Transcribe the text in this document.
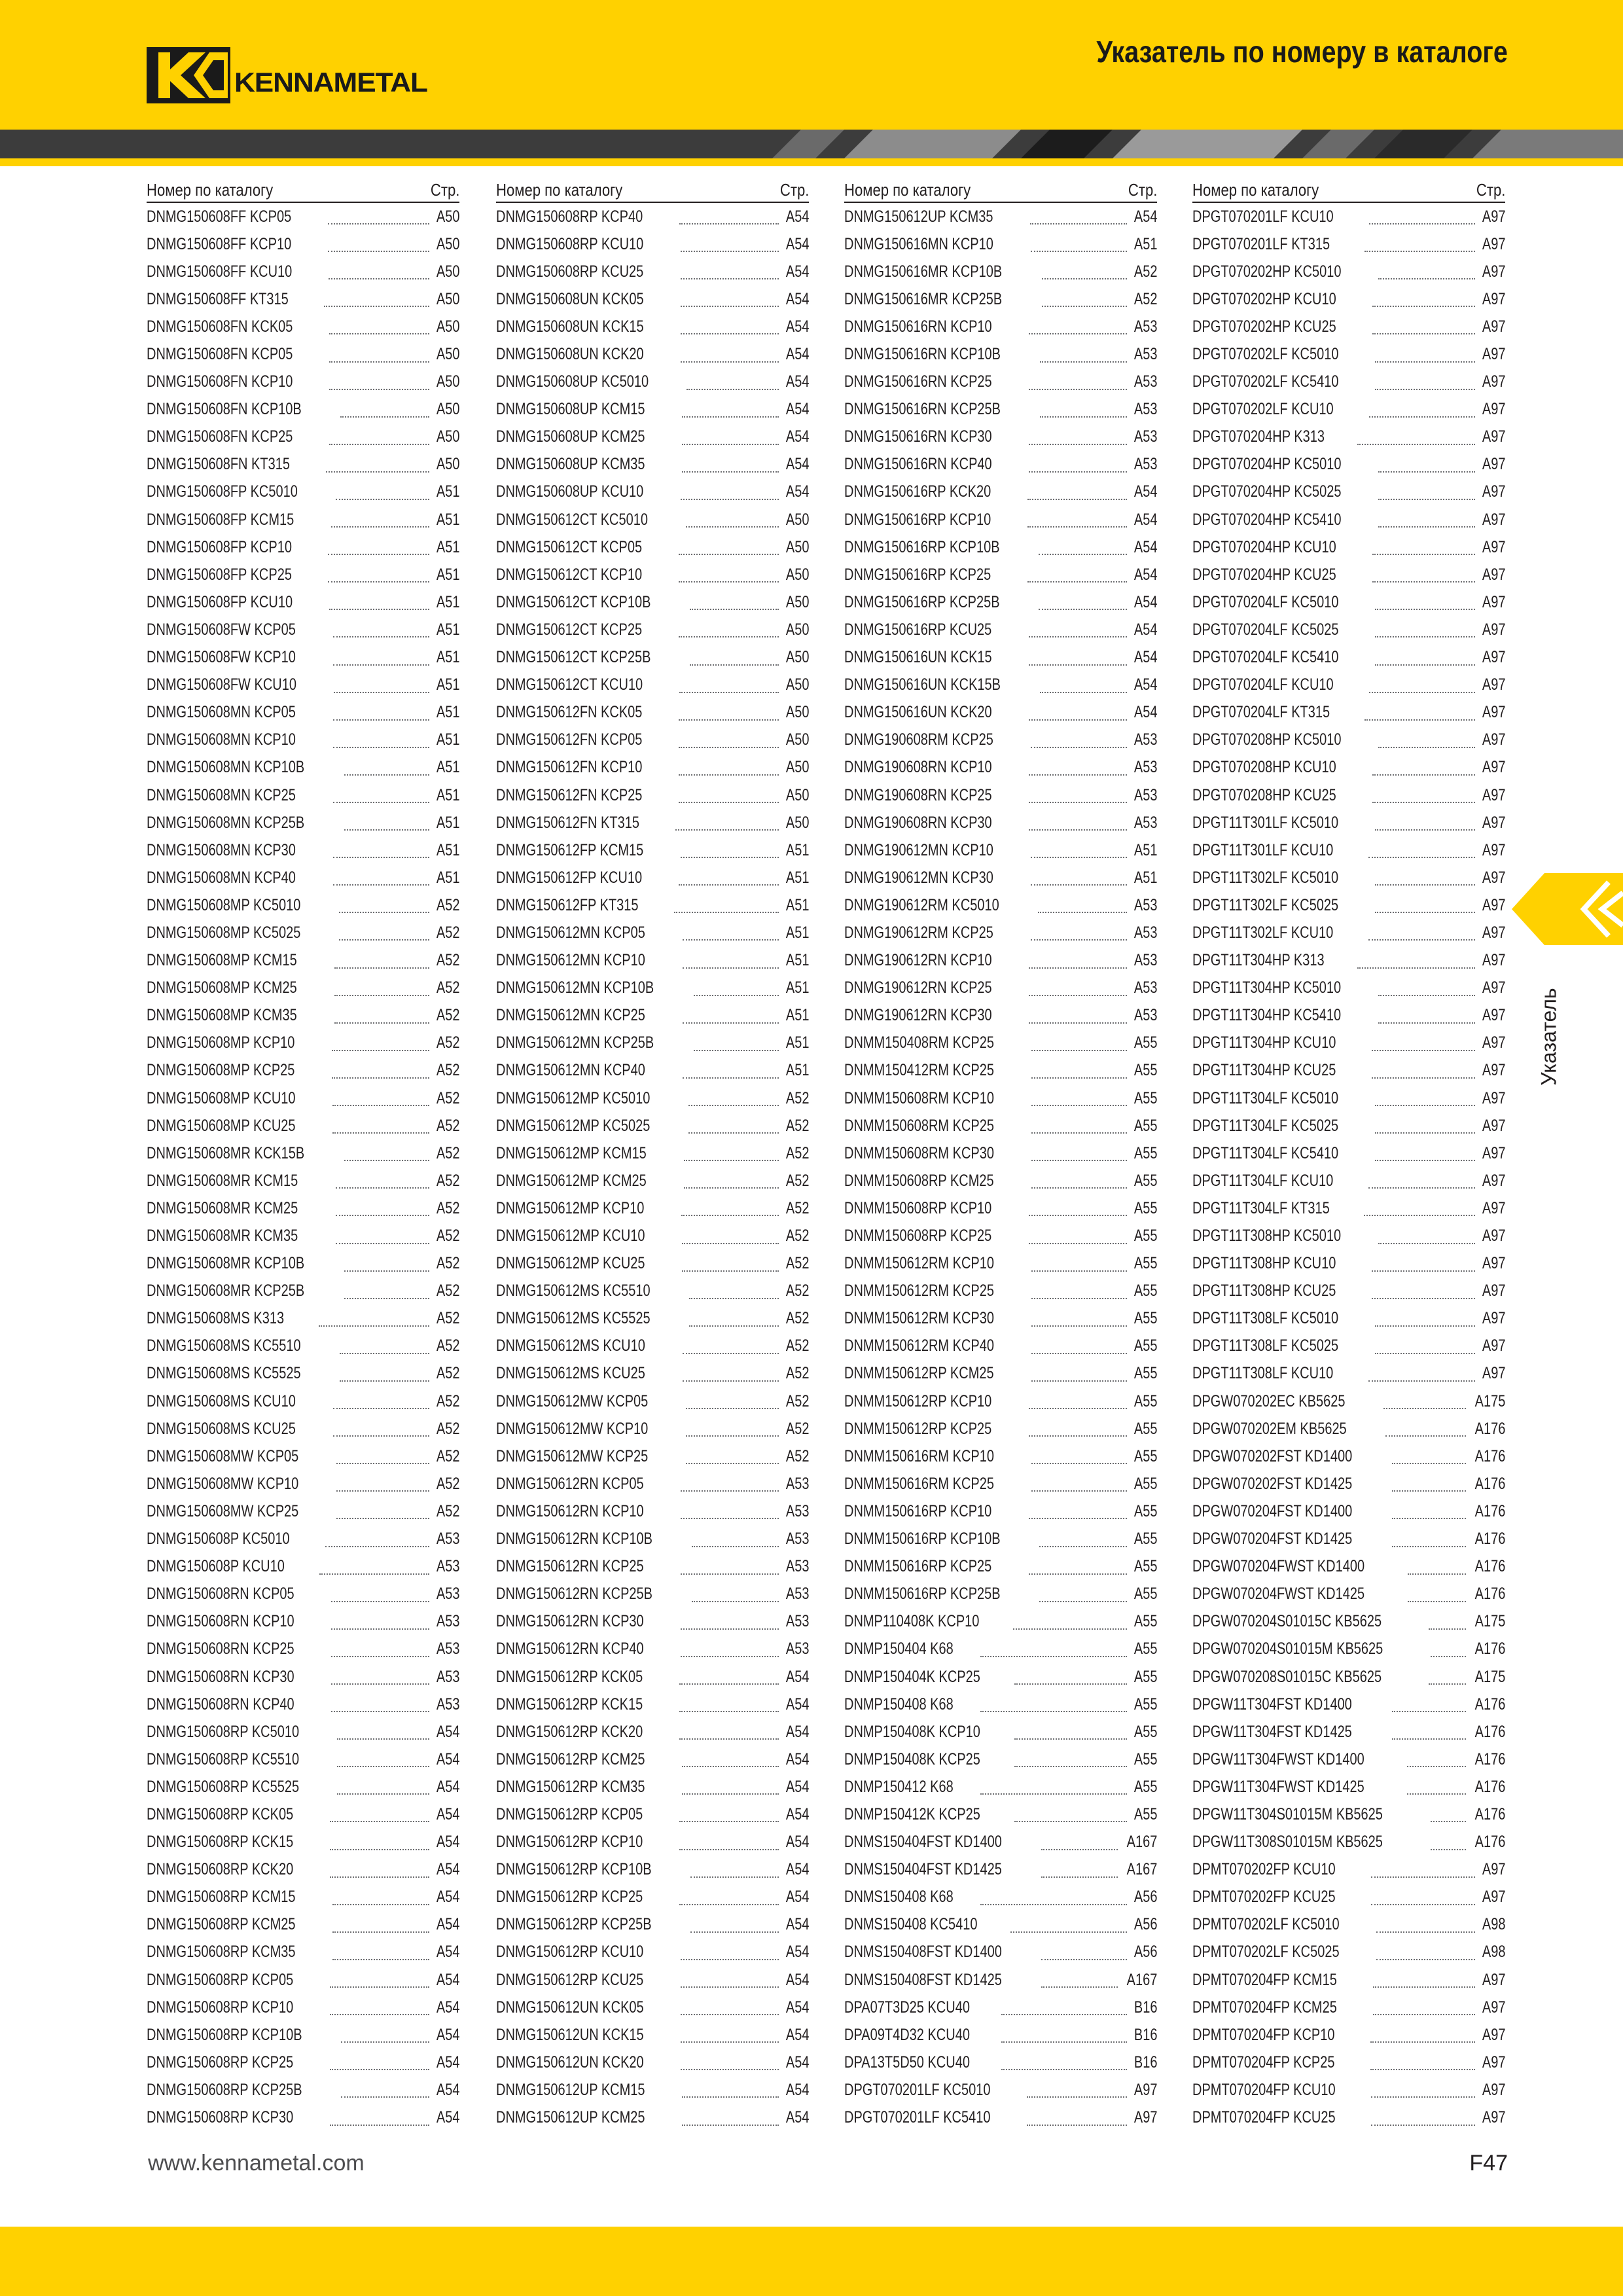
KENNAMETAL
Указатель по номеру в каталоге
Номер по каталогу	Стр.
DNMG150608FF KCP05	A50
DNMG150608FF KCP10	A50
DNMG150608FF KCU10	A50
DNMG150608FF KT315	A50
DNMG150608FN KCK05	A50
DNMG150608FN KCP05	A50
DNMG150608FN KCP10	A50
DNMG150608FN KCP10B	A50
DNMG150608FN KCP25	A50
DNMG150608FN KT315	A50
DNMG150608FP KC5010	A51
DNMG150608FP KCM15	A51
DNMG150608FP KCP10	A51
DNMG150608FP KCP25	A51
DNMG150608FP KCU10	A51
DNMG150608FW KCP05	A51
DNMG150608FW KCP10	A51
DNMG150608FW KCU10	A51
DNMG150608MN KCP05	A51
DNMG150608MN KCP10	A51
DNMG150608MN KCP10B	A51
DNMG150608MN KCP25	A51
DNMG150608MN KCP25B	A51
DNMG150608MN KCP30	A51
DNMG150608MN KCP40	A51
DNMG150608MP KC5010	A52
DNMG150608MP KC5025	A52
DNMG150608MP KCM15	A52
DNMG150608MP KCM25	A52
DNMG150608MP KCM35	A52
DNMG150608MP KCP10	A52
DNMG150608MP KCP25	A52
DNMG150608MP KCU10	A52
DNMG150608MP KCU25	A52
DNMG150608MR KCK15B	A52
DNMG150608MR KCM15	A52
DNMG150608MR KCM25	A52
DNMG150608MR KCM35	A52
DNMG150608MR KCP10B	A52
DNMG150608MR KCP25B	A52
DNMG150608MS K313	A52
DNMG150608MS KC5510	A52
DNMG150608MS KC5525	A52
DNMG150608MS KCU10	A52
DNMG150608MS KCU25	A52
DNMG150608MW KCP05	A52
DNMG150608MW KCP10	A52
DNMG150608MW KCP25	A52
DNMG150608P KC5010	A53
DNMG150608P KCU10	A53
DNMG150608RN KCP05	A53
DNMG150608RN KCP10	A53
DNMG150608RN KCP25	A53
DNMG150608RN KCP30	A53
DNMG150608RN KCP40	A53
DNMG150608RP KC5010	A54
DNMG150608RP KC5510	A54
DNMG150608RP KC5525	A54
DNMG150608RP KCK05	A54
DNMG150608RP KCK15	A54
DNMG150608RP KCK20	A54
DNMG150608RP KCM15	A54
DNMG150608RP KCM25	A54
DNMG150608RP KCM35	A54
DNMG150608RP KCP05	A54
DNMG150608RP KCP10	A54
DNMG150608RP KCP10B	A54
DNMG150608RP KCP25	A54
DNMG150608RP KCP25B	A54
DNMG150608RP KCP30	A54
Номер по каталогу	Стр.
DNMG150608RP KCP40	A54
DNMG150608RP KCU10	A54
DNMG150608RP KCU25	A54
DNMG150608UN KCK05	A54
DNMG150608UN KCK15	A54
DNMG150608UN KCK20	A54
DNMG150608UP KC5010	A54
DNMG150608UP KCM15	A54
DNMG150608UP KCM25	A54
DNMG150608UP KCM35	A54
DNMG150608UP KCU10	A54
DNMG150612CT KC5010	A50
DNMG150612CT KCP05	A50
DNMG150612CT KCP10	A50
DNMG150612CT KCP10B	A50
DNMG150612CT KCP25	A50
DNMG150612CT KCP25B	A50
DNMG150612CT KCU10	A50
DNMG150612FN KCK05	A50
DNMG150612FN KCP05	A50
DNMG150612FN KCP10	A50
DNMG150612FN KCP25	A50
DNMG150612FN KT315	A50
DNMG150612FP KCM15	A51
DNMG150612FP KCU10	A51
DNMG150612FP KT315	A51
DNMG150612MN KCP05	A51
DNMG150612MN KCP10	A51
DNMG150612MN KCP10B	A51
DNMG150612MN KCP25	A51
DNMG150612MN KCP25B	A51
DNMG150612MN KCP40	A51
DNMG150612MP KC5010	A52
DNMG150612MP KC5025	A52
DNMG150612MP KCM15	A52
DNMG150612MP KCM25	A52
DNMG150612MP KCP10	A52
DNMG150612MP KCU10	A52
DNMG150612MP KCU25	A52
DNMG150612MS KC5510	A52
DNMG150612MS KC5525	A52
DNMG150612MS KCU10	A52
DNMG150612MS KCU25	A52
DNMG150612MW KCP05	A52
DNMG150612MW KCP10	A52
DNMG150612MW KCP25	A52
DNMG150612RN KCP05	A53
DNMG150612RN KCP10	A53
DNMG150612RN KCP10B	A53
DNMG150612RN KCP25	A53
DNMG150612RN KCP25B	A53
DNMG150612RN KCP30	A53
DNMG150612RN KCP40	A53
DNMG150612RP KCK05	A54
DNMG150612RP KCK15	A54
DNMG150612RP KCK20	A54
DNMG150612RP KCM25	A54
DNMG150612RP KCM35	A54
DNMG150612RP KCP05	A54
DNMG150612RP KCP10	A54
DNMG150612RP KCP10B	A54
DNMG150612RP KCP25	A54
DNMG150612RP KCP25B	A54
DNMG150612RP KCU10	A54
DNMG150612RP KCU25	A54
DNMG150612UN KCK05	A54
DNMG150612UN KCK15	A54
DNMG150612UN KCK20	A54
DNMG150612UP KCM15	A54
DNMG150612UP KCM25	A54
Номер по каталогу	Стр.
DNMG150612UP KCM35	A54
DNMG150616MN KCP10	A51
DNMG150616MR KCP10B	A52
DNMG150616MR KCP25B	A52
DNMG150616RN KCP10	A53
DNMG150616RN KCP10B	A53
DNMG150616RN KCP25	A53
DNMG150616RN KCP25B	A53
DNMG150616RN KCP30	A53
DNMG150616RN KCP40	A53
DNMG150616RP KCK20	A54
DNMG150616RP KCP10	A54
DNMG150616RP KCP10B	A54
DNMG150616RP KCP25	A54
DNMG150616RP KCP25B	A54
DNMG150616RP KCU25	A54
DNMG150616UN KCK15	A54
DNMG150616UN KCK15B	A54
DNMG150616UN KCK20	A54
DNMG190608RM KCP25	A53
DNMG190608RN KCP10	A53
DNMG190608RN KCP25	A53
DNMG190608RN KCP30	A53
DNMG190612MN KCP10	A51
DNMG190612MN KCP30	A51
DNMG190612RM KC5010	A53
DNMG190612RM KCP25	A53
DNMG190612RN KCP10	A53
DNMG190612RN KCP25	A53
DNMG190612RN KCP30	A53
DNMM150408RM KCP25	A55
DNMM150412RM KCP25	A55
DNMM150608RM KCP10	A55
DNMM150608RM KCP25	A55
DNMM150608RM KCP30	A55
DNMM150608RP KCM25	A55
DNMM150608RP KCP10	A55
DNMM150608RP KCP25	A55
DNMM150612RM KCP10	A55
DNMM150612RM KCP25	A55
DNMM150612RM KCP30	A55
DNMM150612RM KCP40	A55
DNMM150612RP KCM25	A55
DNMM150612RP KCP10	A55
DNMM150612RP KCP25	A55
DNMM150616RM KCP10	A55
DNMM150616RM KCP25	A55
DNMM150616RP KCP10	A55
DNMM150616RP KCP10B	A55
DNMM150616RP KCP25	A55
DNMM150616RP KCP25B	A55
DNMP110408K KCP10	A55
DNMP150404 K68	A55
DNMP150404K KCP25	A55
DNMP150408 K68	A55
DNMP150408K KCP10	A55
DNMP150408K KCP25	A55
DNMP150412 K68	A55
DNMP150412K KCP25	A55
DNMS150404FST KD1400	A167
DNMS150404FST KD1425	A167
DNMS150408 K68	A56
DNMS150408 KC5410	A56
DNMS150408FST KD1400	A56
DNMS150408FST KD1425	A167
DPA07T3D25 KCU40	B16
DPA09T4D32 KCU40	B16
DPA13T5D50 KCU40	B16
DPGT070201LF KC5010	A97
DPGT070201LF KC5410	A97
Номер по каталогу	Стр.
DPGT070201LF KCU10	A97
DPGT070201LF KT315	A97
DPGT070202HP KC5010	A97
DPGT070202HP KCU10	A97
DPGT070202HP KCU25	A97
DPGT070202LF KC5010	A97
DPGT070202LF KC5410	A97
DPGT070202LF KCU10	A97
DPGT070204HP K313	A97
DPGT070204HP KC5010	A97
DPGT070204HP KC5025	A97
DPGT070204HP KC5410	A97
DPGT070204HP KCU10	A97
DPGT070204HP KCU25	A97
DPGT070204LF KC5010	A97
DPGT070204LF KC5025	A97
DPGT070204LF KC5410	A97
DPGT070204LF KCU10	A97
DPGT070204LF KT315	A97
DPGT070208HP KC5010	A97
DPGT070208HP KCU10	A97
DPGT070208HP KCU25	A97
DPGT11T301LF KC5010	A97
DPGT11T301LF KCU10	A97
DPGT11T302LF KC5010	A97
DPGT11T302LF KC5025	A97
DPGT11T302LF KCU10	A97
DPGT11T304HP K313	A97
DPGT11T304HP KC5010	A97
DPGT11T304HP KC5410	A97
DPGT11T304HP KCU10	A97
DPGT11T304HP KCU25	A97
DPGT11T304LF KC5010	A97
DPGT11T304LF KC5025	A97
DPGT11T304LF KC5410	A97
DPGT11T304LF KCU10	A97
DPGT11T304LF KT315	A97
DPGT11T308HP KC5010	A97
DPGT11T308HP KCU10	A97
DPGT11T308HP KCU25	A97
DPGT11T308LF KC5010	A97
DPGT11T308LF KC5025	A97
DPGT11T308LF KCU10	A97
DPGW070202EC KB5625	A175
DPGW070202EM KB5625	A176
DPGW070202FST KD1400	A176
DPGW070202FST KD1425	A176
DPGW070204FST KD1400	A176
DPGW070204FST KD1425	A176
DPGW070204FWST KD1400	A176
DPGW070204FWST KD1425	A176
DPGW070204S01015C KB5625	A175
DPGW070204S01015M KB5625	A176
DPGW070208S01015C KB5625	A175
DPGW11T304FST KD1400	A176
DPGW11T304FST KD1425	A176
DPGW11T304FWST KD1400	A176
DPGW11T304FWST KD1425	A176
DPGW11T304S01015M KB5625	A176
DPGW11T308S01015M KB5625	A176
DPMT070202FP KCU10	A97
DPMT070202FP KCU25	A97
DPMT070202LF KC5010	A98
DPMT070202LF KC5025	A98
DPMT070204FP KCM15	A97
DPMT070204FP KCM25	A97
DPMT070204FP KCP10	A97
DPMT070204FP KCP25	A97
DPMT070204FP KCU10	A97
DPMT070204FP KCU25	A97
Указатель
www.kennametal.com	F47
